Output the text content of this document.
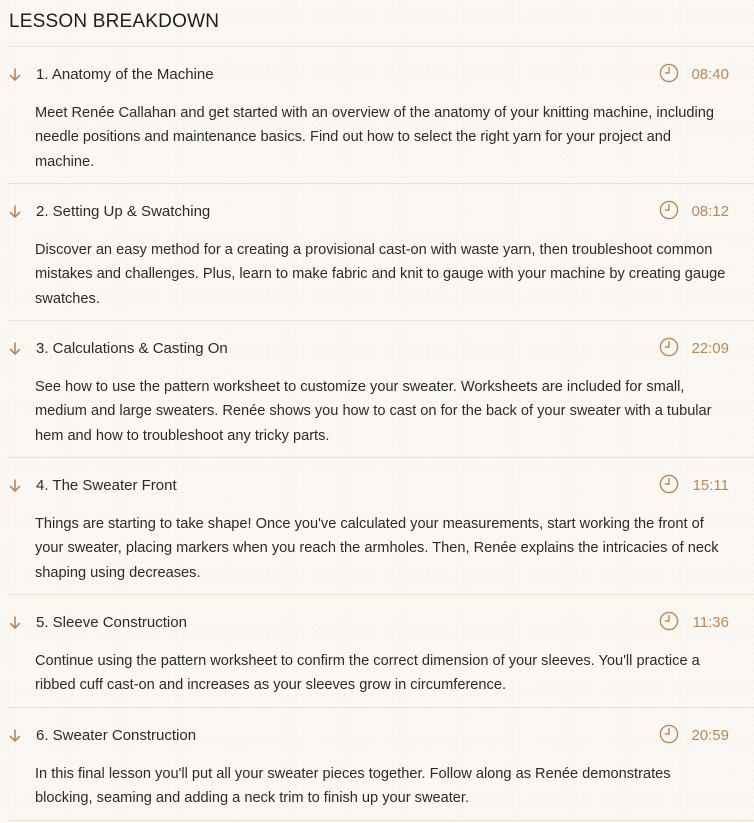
LESSON BREAKDOWN
1. Anatomy of the Machine	08:40

Meet Renée Callahan and get started with an overview of the anatomy of your knitting machine, including needle positions and maintenance basics. Find out how to select the right yarn for your project and machine.

2. Setting Up & Swatching	08:12

Discover an easy method for a creating a provisional cast-on with waste yarn, then troubleshoot common mistakes and challenges. Plus, learn to make fabric and knit to gauge with your machine by creating gauge swatches.

3. Calculations & Casting On	22:09

See how to use the pattern worksheet to customize your sweater. Worksheets are included for small, medium and large sweaters. Renée shows you how to cast on for the back of your sweater with a tubular hem and how to troubleshoot any tricky parts.

4. The Sweater Front	15:11

Things are starting to take shape! Once you've calculated your measurements, start working the front of your sweater, placing markers when you reach the armholes. Then, Renée explains the intricacies of neck shaping using decreases.

5. Sleeve Construction	11:36

Continue using the pattern worksheet to confirm the correct dimension of your sleeves. You'll practice a ribbed cuff cast-on and increases as your sleeves grow in circumference.

6. Sweater Construction	20:59

In this final lesson you'll put all your sweater pieces together. Follow along as Renée demonstrates blocking, seaming and adding a neck trim to finish up your sweater.
